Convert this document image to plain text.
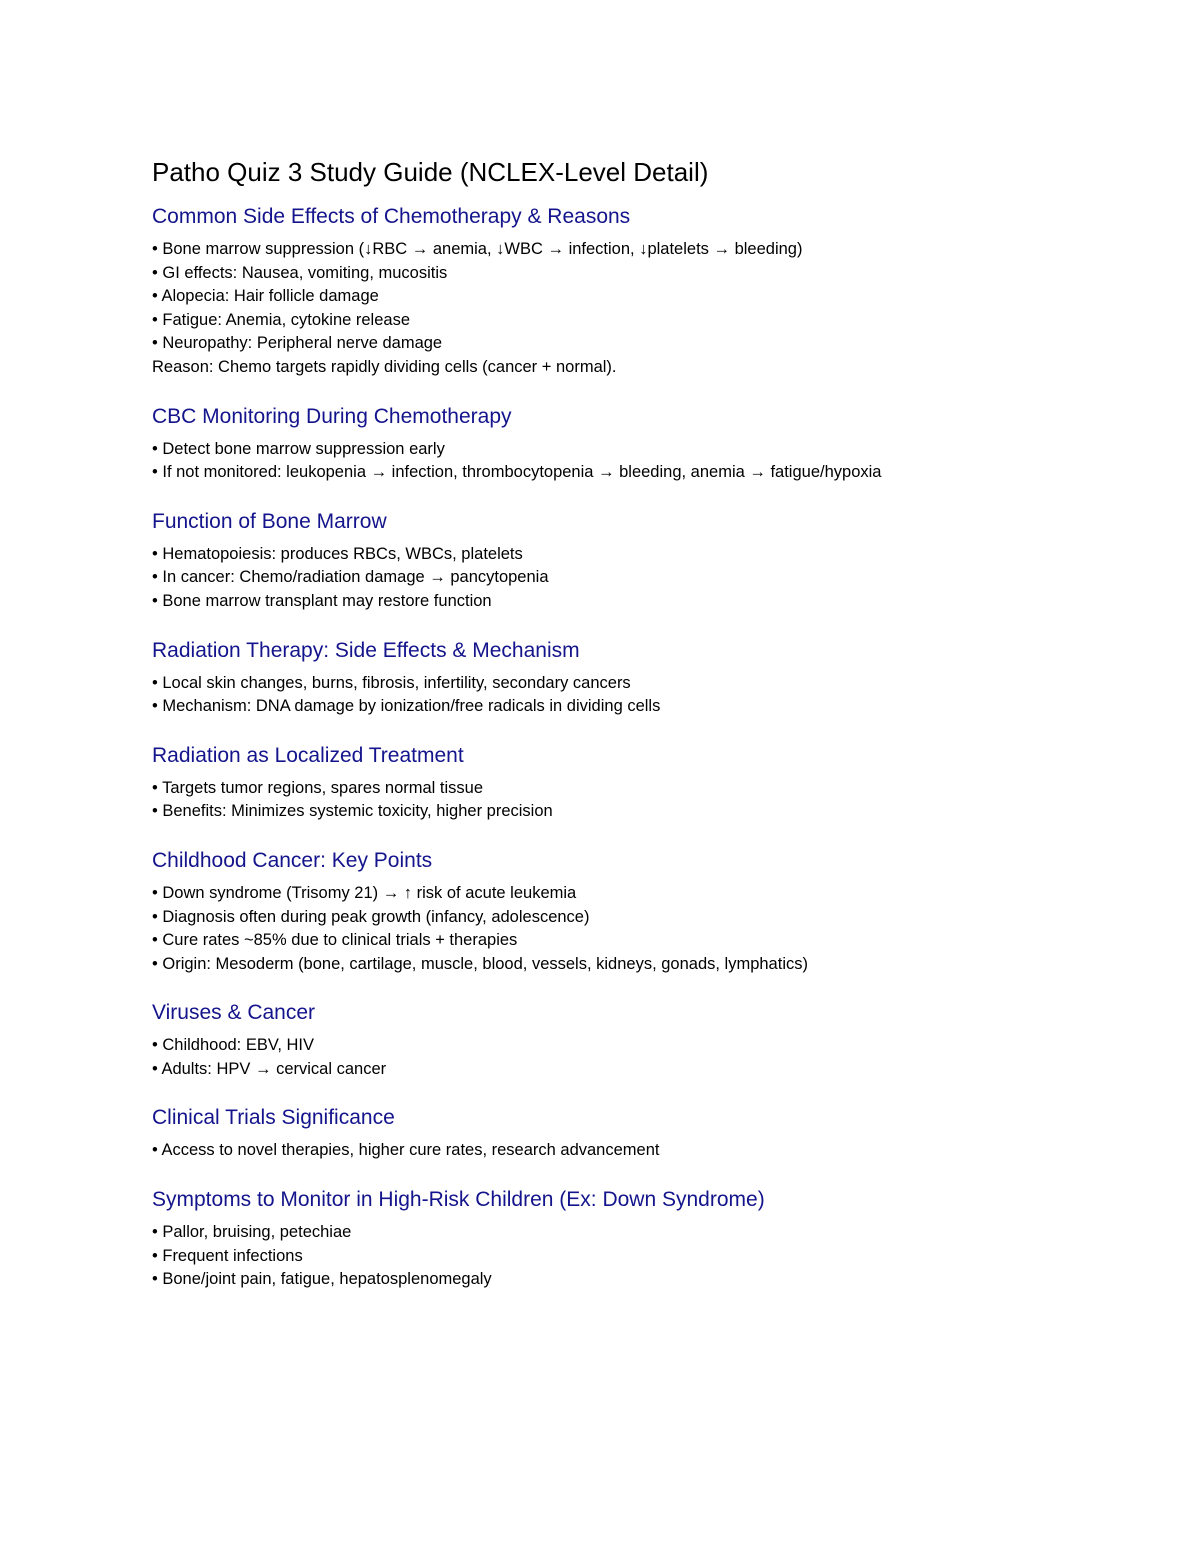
Patho Quiz 3 Study Guide (NCLEX-Level Detail)
Common Side Effects of Chemotherapy & Reasons
• Bone marrow suppression (↓RBC → anemia, ↓WBC → infection, ↓platelets → bleeding)
• GI effects: Nausea, vomiting, mucositis
• Alopecia: Hair follicle damage
• Fatigue: Anemia, cytokine release
• Neuropathy: Peripheral nerve damage
Reason: Chemo targets rapidly dividing cells (cancer + normal).
CBC Monitoring During Chemotherapy
• Detect bone marrow suppression early
• If not monitored: leukopenia → infection, thrombocytopenia → bleeding, anemia → fatigue/hypoxia
Function of Bone Marrow
• Hematopoiesis: produces RBCs, WBCs, platelets
• In cancer: Chemo/radiation damage → pancytopenia
• Bone marrow transplant may restore function
Radiation Therapy: Side Effects & Mechanism
• Local skin changes, burns, fibrosis, infertility, secondary cancers
• Mechanism: DNA damage by ionization/free radicals in dividing cells
Radiation as Localized Treatment
• Targets tumor regions, spares normal tissue
• Benefits: Minimizes systemic toxicity, higher precision
Childhood Cancer: Key Points
• Down syndrome (Trisomy 21) → ↑ risk of acute leukemia
• Diagnosis often during peak growth (infancy, adolescence)
• Cure rates ~85% due to clinical trials + therapies
• Origin: Mesoderm (bone, cartilage, muscle, blood, vessels, kidneys, gonads, lymphatics)
Viruses & Cancer
• Childhood: EBV, HIV
• Adults: HPV → cervical cancer
Clinical Trials Significance
• Access to novel therapies, higher cure rates, research advancement
Symptoms to Monitor in High-Risk Children (Ex: Down Syndrome)
• Pallor, bruising, petechiae
• Frequent infections
• Bone/joint pain, fatigue, hepatosplenomegaly
